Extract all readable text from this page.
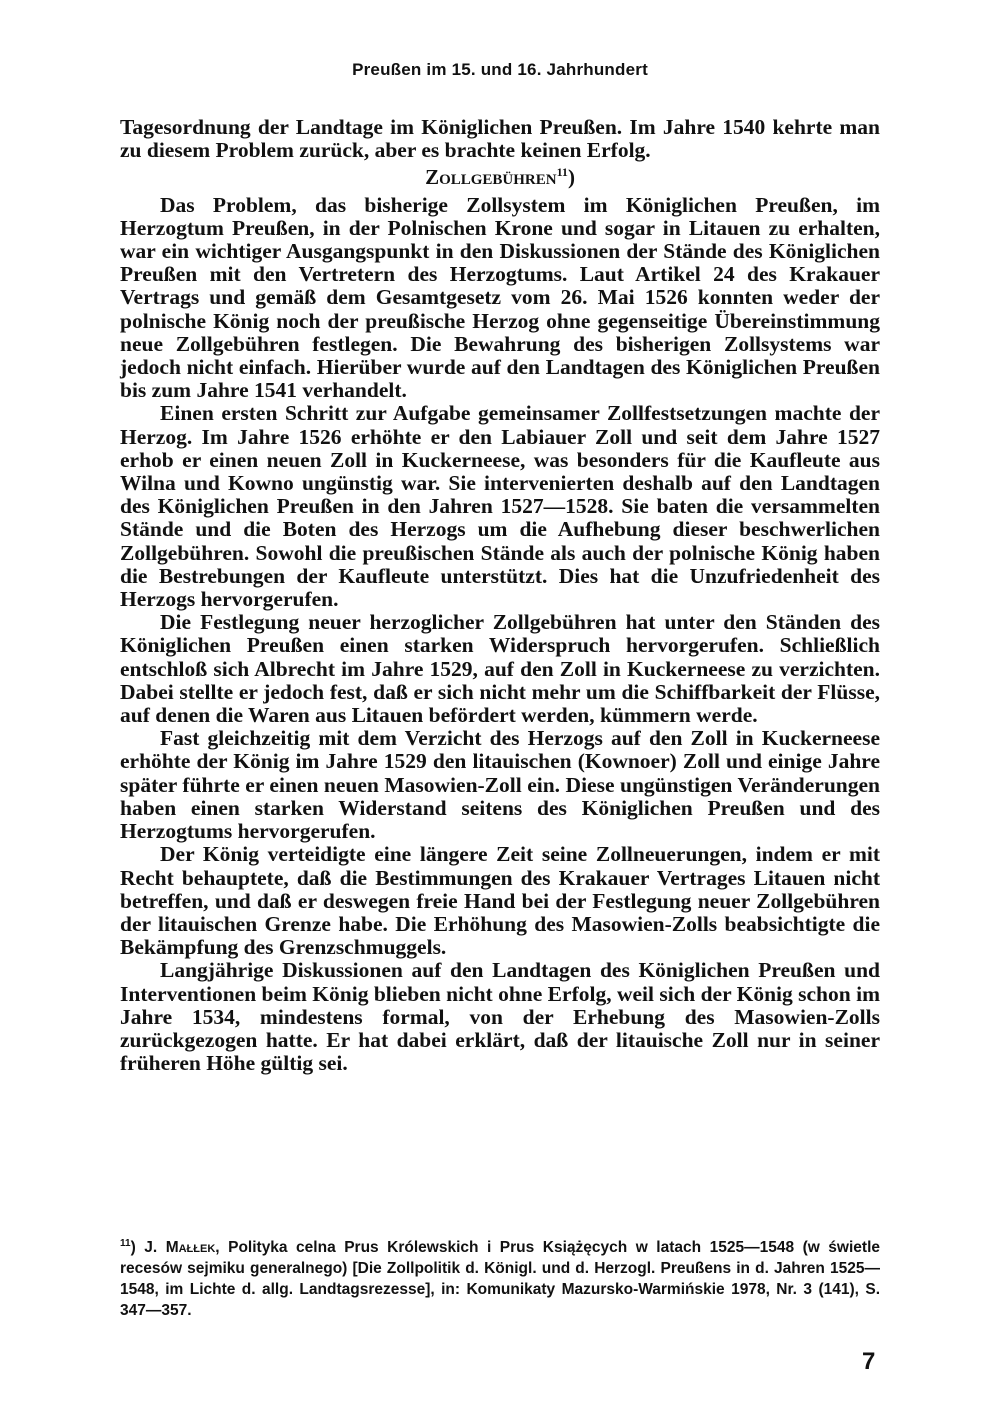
Preußen im 15. und 16. Jahrhundert

Tagesordnung der Landtage im Königlichen Preußen. Im Jahre 1540 kehrte man zu diesem Problem zurück, aber es brachte keinen Erfolg.

Zollgebühren$^{11}$)

Das Problem, das bisherige Zollsystem im Königlichen Preußen, im Herzogtum Preußen, in der Polnischen Krone und sogar in Litauen zu erhalten, war ein wichtiger Ausgangspunkt in den Diskussionen der Stände des Königlichen Preußen mit den Vertretern des Herzogtums. Laut Artikel 24 des Krakauer Vertrags und gemäß dem Gesamtgesetz vom 26. Mai 1526 konnten weder der polnische König noch der preußische Herzog ohne gegenseitige Übereinstimmung neue Zollgebühren festlegen. Die Bewahrung des bisherigen Zollsystems war jedoch nicht einfach. Hierüber wurde auf den Landtagen des Königlichen Preußen bis zum Jahre 1541 verhandelt.

Einen ersten Schritt zur Aufgabe gemeinsamer Zollfestsetzungen machte der Herzog. Im Jahre 1526 erhöhte er den Labiauer Zoll und seit dem Jahre 1527 erhob er einen neuen Zoll in Kuckerneese, was besonders für die Kaufleute aus Wilna und Kowno ungünstig war. Sie intervenierten deshalb auf den Landtagen des Königlichen Preußen in den Jahren 1527—1528. Sie baten die versammelten Stände und die Boten des Herzogs um die Aufhebung dieser beschwerlichen Zollgebühren. Sowohl die preußischen Stände als auch der polnische König haben die Bestrebungen der Kaufleute unterstützt. Dies hat die Unzufriedenheit des Herzogs hervorgerufen.

Die Festlegung neuer herzoglicher Zollgebühren hat unter den Ständen des Königlichen Preußen einen starken Widerspruch hervorgerufen. Schließlich entschloß sich Albrecht im Jahre 1529, auf den Zoll in Kuckerneese zu verzichten. Dabei stellte er jedoch fest, daß er sich nicht mehr um die Schiffbarkeit der Flüsse, auf denen die Waren aus Litauen befördert werden, kümmern werde.

Fast gleichzeitig mit dem Verzicht des Herzogs auf den Zoll in Kuckerneese erhöhte der König im Jahre 1529 den litauischen (Kownoer) Zoll und einige Jahre später führte er einen neuen Masowien-Zoll ein. Diese ungünstigen Veränderungen haben einen starken Widerstand seitens des Königlichen Preußen und des Herzogtums hervorgerufen.

Der König verteidigte eine längere Zeit seine Zollneuerungen, indem er mit Recht behauptete, daß die Bestimmungen des Krakauer Vertrages Litauen nicht betreffen, und daß er deswegen freie Hand bei der Festlegung neuer Zollgebühren der litauischen Grenze habe. Die Erhöhung des Masowien-Zolls beabsichtigte die Bekämpfung des Grenzschmuggels.

Langjährige Diskussionen auf den Landtagen des Königlichen Preußen und Interventionen beim König blieben nicht ohne Erfolg, weil sich der König schon im Jahre 1534, mindestens formal, von der Erhebung des Masowien-Zolls zurückgezogen hatte. Er hat dabei erklärt, daß der litauische Zoll nur in seiner früheren Höhe gültig sei.

$^{11}$) J. Małłek, Polityka celna Prus Królewskich i Prus Książęcych w latach 1525—1548 (w świetle recesów sejmiku generalnego) [Die Zollpolitik d. Königl. und d. Herzogl. Preußens in d. Jahren 1525—1548, im Lichte d. allg. Landtagsrezesse], in: Komunikaty Mazursko-Warmińskie 1978, Nr. 3 (141), S. 347—357.
7
